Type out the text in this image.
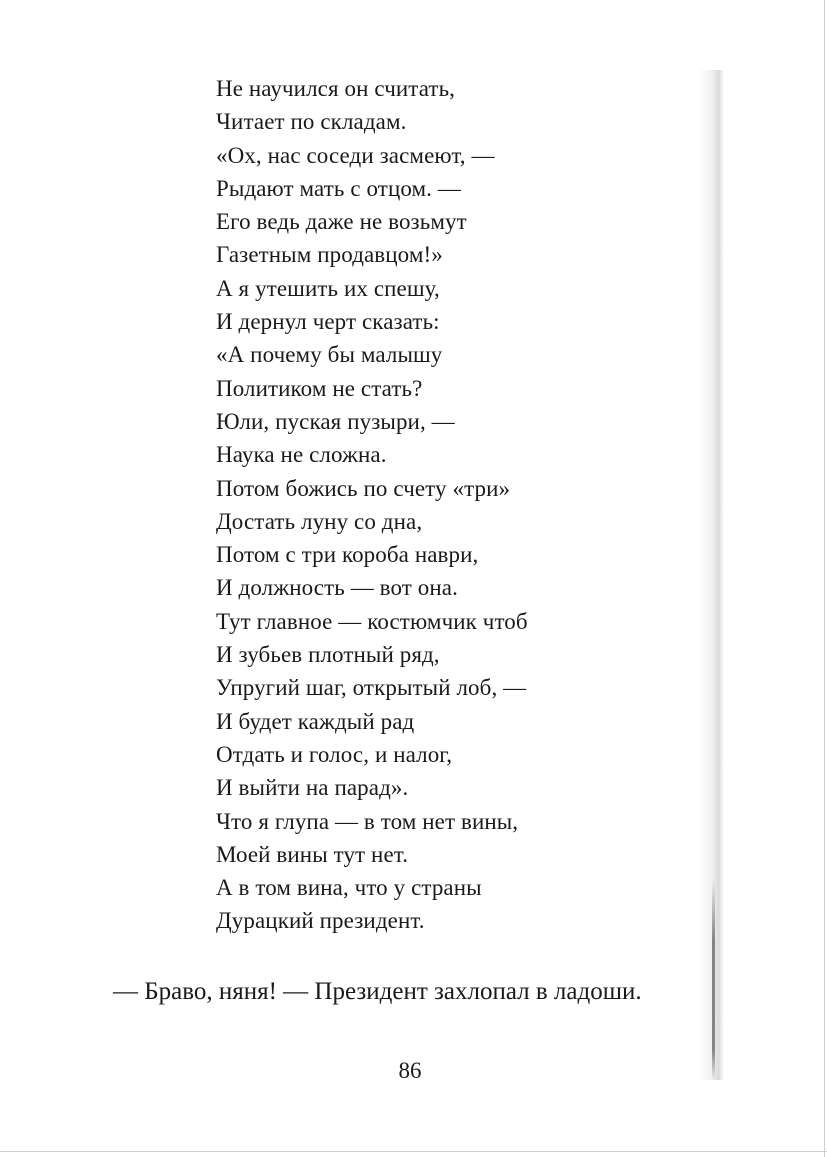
Не научился он считать,
Читает по складам.
«Ох, нас соседи засмеют, —
Рыдают мать с отцом. —
Его ведь даже не возьмут
Газетным продавцом!»
А я утешить их спешу,
И дернул черт сказать:
«А почему бы малышу
Политиком не стать?
Юли, пуская пузыри, —
Наука не сложна.
Потом божись по счету «три»
Достать луну со дна,
Потом с три короба наври,
И должность — вот она.
Тут главное — костюмчик чтоб
И зубьев плотный ряд,
Упругий шаг, открытый лоб, —
И будет каждый рад
Отдать и голос, и налог,
И выйти на парад».
Что я глупа — в том нет вины,
Моей вины тут нет.
А в том вина, что у страны
Дурацкий президент.
— Браво, няня! — Президент захлопал в ладоши.
86
